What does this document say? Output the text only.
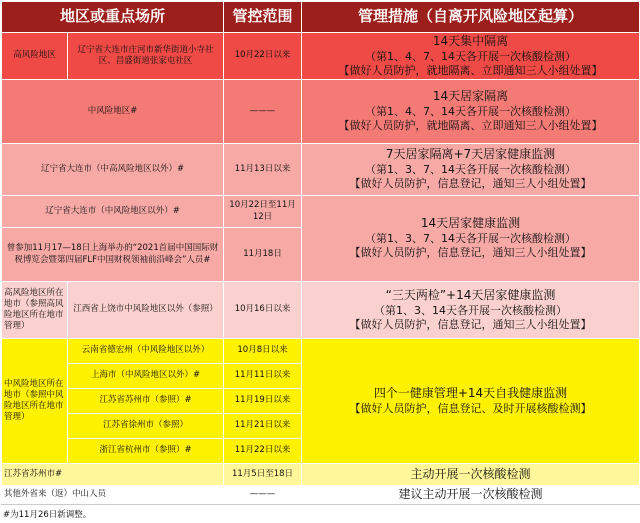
地区或重点场所		管控范围	管理措施（自离开风险地区起算）
高风险地区	辽宁省大连市庄河市新华街道小寺社区、昌盛街道张家屯社区	10月22日以来	14天集中隔离
（第1、4、7、14天各开展一次核酸检测）
【做好人员防护，就地隔离、立即通知三人小组处置】

中风险地区#		———	14天居家隔离
（第1、4、7、14天各开展一次核酸检测）
【做好人员防护，就地隔离、立即通知三人小组处置】

辽宁省大连市（中高风险地区以外）#		11月13日以来	7天居家隔离+7天居家健康监测
（第1、3、7、14天各开展一次核酸检测）
【做好人员防护，信息登记，通知三人小组处置】

辽宁省大连市（中风险地区以外）#		10月22日至11月12日	14天居家健康监测
（第1、3、7、14天各开展一次核酸检测）
【做好人员防护，信息登记，通知三人小组处置】

曾参加11月17—18日上海举办的“2021首届中国国际财税博览会暨第四届FLF中国财税领袖前沿峰会”人员#		11月18日	
高风险地区所在地市（参照高风险地区所在地市管理）	江西省上饶市中风险地区以外（参照）	10月16日以来	“三天两检”+14天居家健康监测
（第1、3、14天各开展一次核酸检测）
【做好人员防护，信息登记，通知三人小组处置】

中风险地区所在地市（参照中风险地区所在地市管理）	云南省德宏州（中风险地区以外）	10月8日以来	四个一健康管理+14天自我健康监测
【做好人员防护，信息登记、及时开展核酸检测】

	上海市（中风险地区以外）#	11月11日以来	
	江苏省苏州市（参照）#	11月19日以来	
	江苏省徐州市（参照）	11月21日以来	
	浙江省杭州市（参照）#	11月22日以来	
江苏省苏州市#		11月5日至18日	主动开展一次核酸检测

其他外省来（返）中山人员		———	建议主动开展一次核酸检测
#为11月26日新调整。
